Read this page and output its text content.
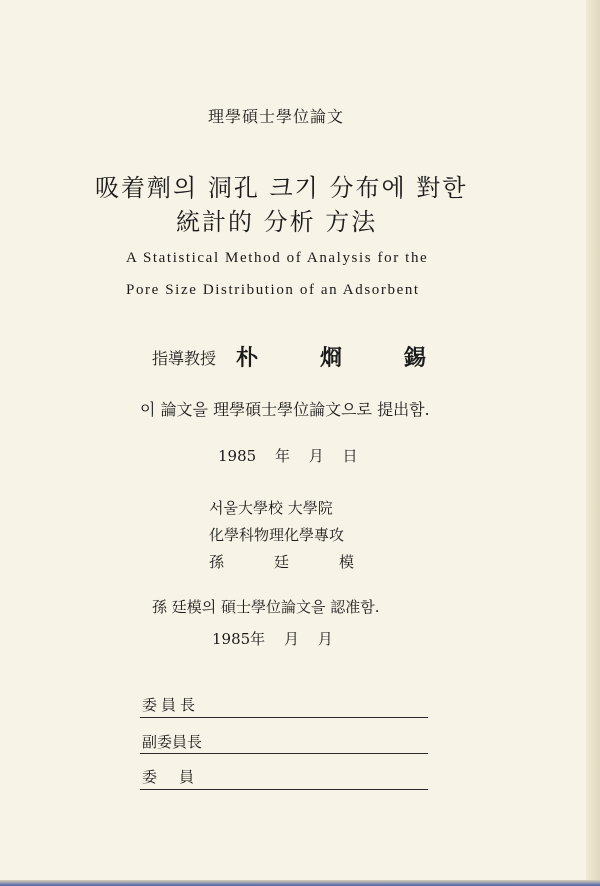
理學碩士學位論文
吸着劑의 洞孔 크기 分布에 對한
統計的 分析 方法
A Statistical Method of Analysis for the
Pore Size Distribution of an Adsorbent
指導教授 朴烱錫
이 論文을 理學碩士學位論文으로 提出함.
1985 年 月 日
서울大學校 大學院
化學科物理化學專攻
孫廷模
孫 廷模의 碩士學位論文을 認准함.
1985年 月 月
委員長
副委員長
委員
